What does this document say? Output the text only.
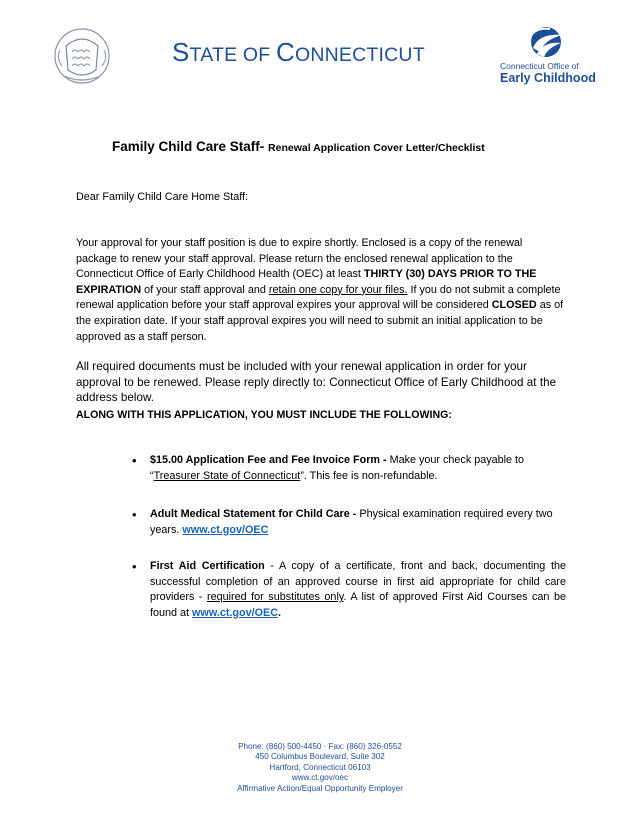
STATE OF CONNECTICUT	Connecticut Office of
Early Childhood
Family Child Care Staff- Renewal Application Cover Letter/Checklist
Dear Family Child Care Home Staff:
Your approval for your staff position is due to expire shortly. Enclosed is a copy of the renewal package to renew your staff approval. Please return the enclosed renewal application to the Connecticut Office of Early Childhood Health (OEC) at least THIRTY (30) DAYS PRIOR TO THE EXPIRATION of your staff approval and retain one copy for your files. If you do not submit a complete renewal application before your staff approval expires your approval will be considered CLOSED as of the expiration date. If your staff approval expires you will need to submit an initial application to be approved as a staff person.
All required documents must be included with your renewal application in order for your approval to be renewed. Please reply directly to: Connecticut Office of Early Childhood at the address below.
ALONG WITH THIS APPLICATION, YOU MUST INCLUDE THE FOLLOWING:
•	$15.00 Application Fee and Fee Invoice Form - Make your check payable to “Treasurer State of Connecticut”. This fee is non-refundable.
•	Adult Medical Statement for Child Care - Physical examination required every two years. www.ct.gov/OEC
•	First Aid Certification - A copy of a certificate, front and back, documenting the successful completion of an approved course in first aid appropriate for child care providers - required for substitutes only. A list of approved First Aid Courses can be found at www.ct.gov/OEC.
Phone: (860) 500-4450 · Fax: (860) 326-0552
450 Columbus Boulevard, Suite 302
Hartford, Connecticut 06103
www.ct.gov/oec
Affirmative Action/Equal Opportunity Employer
